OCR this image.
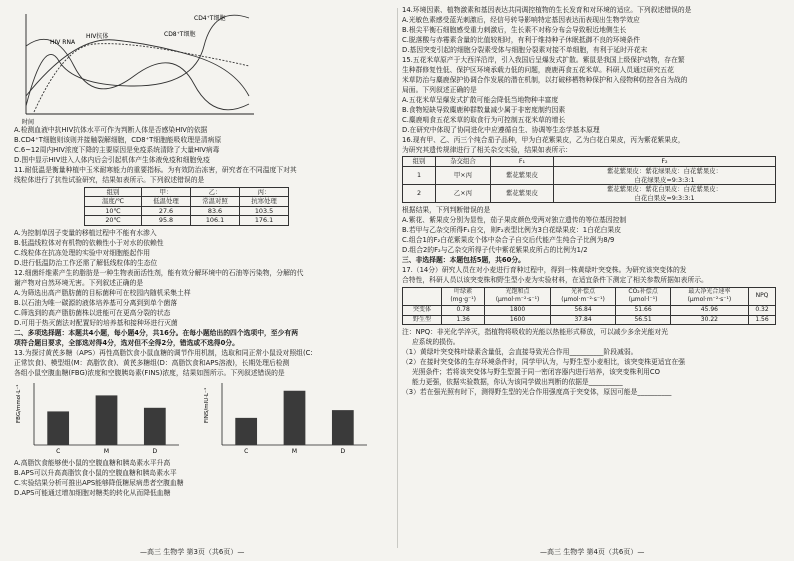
CD4⁺T细胞
HIV RNA
HIV抗体	CD8⁺T细胞
时间
A.检测血液中抗HIV抗体水平可作为判断人体是否感染HIV的依据
B.CD4⁺T细胞则该则并接触裂解细胞，CD8⁺T细胞能吸收理是清病原
C.6~12周内HIV浓度下降的主要原因是免疫系统清除了大量HIV病毒
D.图中显示HIV进入人体内后会引起机体产生体液免疫和细胞免疫
11.耐低温是衡量种植中玉米耐寒能力的重要指标。为有效防治冻害，研究者在不同温度下对其
线粒体进行了抗性试验研究，结果如表所示。下列叙述错误的是
组别	甲：	乙：	丙：
温度/℃	低温处理	常温对照	抗寒处理
10℃	27.6	83.6	103.5
20℃	95.8	106.1	176.1
A.为控制单因子变量的移植过程中不能有水渗入
B.低温线粒体对有机物的依赖性小于对水的依赖性
C.线粒体在抗冻处理的实验中对细胞能起作用
D.进行低温防治工作还需了解低线粒体的生态位
12.细菌纤维素产生的脂肪是一种生物表面活性剂，能有效分解环境中的石油等污染物，分解的代
谢产物对自然环境无害。下列叙述正确的是
A.为筛选出高产脂肪菌的目标菌种可在校园内随机采集土样
B.以石油为唯一碳源的液体培养基可分离到到单个菌落
C.筛选到的高产脂肪菌株以进能可在更高分裂的状态
D.可用于热灭菌法对配置好的培养基和接种环进行灭菌
二、多项选择题：本题共4小题，每小题4分，共16分。在每小题给出的四个选项中，至少有两
项符合题目要求，全部选对得4分，选对但不全得2分，错选或不选得0分。
13.为探讨黄芪多糖（APS）再性高脂饮食小鼠血糖的调节作用机制，选取和同正常小鼠设对照组(C:
正常饮食)、模型组(M：高脂饮食)、黄芪多糖组(D：高脂饮食和APS溶液)，长期处理后检测
各组小鼠空腹血糖(FBG)浓度和空腹胰岛素(FINS)浓度，结果如图所示。下列叙述错误的是
FBG/mmol·L⁻¹
C	M	D
FINS/mIU·L⁻¹
C	M	D
A.高脂饮食能够使小鼠的空腹血糖和胰岛素水平升高
B.APS可以升高高脂饮食小鼠的空腹血糖和胰岛素水平
C.实验结果分析可推出APS能够降低糖尿病患者空腹血糖
D.APS可能通过增加细胞对糖类的转化从而降低血糖
—高三 生物学 第3页（共6页）—
14.环境因素、植物激素和基因表达共同调控植物的生长发育和对环境的适应。下列叙述错误的是
A.光敏色素感受蓝光刺激后，经信号转导影响特定基因表达而表现出生物学效应
B.根尖平衡石细胞感受重力刺激后，生长素不对称分布会导致根近地侧生长
C.脱落酸与赤霉素含量的比值较相时，有利于维持种子休眠抵御不良的环境条件
D.基因突变引起的细胞分裂素受体与细胞分裂素对接不单细胞，有利于延时开花末
15.五花米草原产于大西洋沿岸，引入我国后呈爆发式扩散。紫鼠是我国上级保护动物，存在繁
生种群修复性低、保护区环境承载力低的问题，鹿鹿再食五花米草。科研人员通过研究五花
米草防治与麋鹿保护协调合作发展的潜在机制，以打破移栖物种保护和入侵物种防控各自为战的
局面。下列叙述正确的是
A.五花米草呈爆发式扩散可能会降低当地物种丰富度
B.食物短缺导致麋鹿种群数量减少属于非密度制约因素
C.麋鹿啃食五花米草的取食行为可控制五花米草的增长
D.在研究中体现了协同进化中应遵循自生、协调等生态学基本原理
16.现有甲、乙、丙三个纯合茄子品种，甲为白花紫果皮，乙为白花白果皮，丙为紫花紫果皮，
为研究其遗传规律进行了相关杂交实验，结果如表所示：
组别	杂交组合	F₁	F₂
1	甲×丙	紫花紫果皮	紫花紫果皮：紫花绿果皮：白花紫果皮：
白花绿果皮=9:3:3:1

2	乙×丙	紫花紫果皮	紫花紫果皮：紫花白果皮：白花紫果皮：
白花白果皮=9:3:3:1
根据结果，下列判断错误的是
A.紫花、紫果皮分别为显性，茄子果皮颜色受两对独立遗传的等位基因控制
B.若甲与乙杂交所得F₁自交，则F₂表型比例为3白花绿果皮：1白花白果皮
C.组合1的F₂白花紫果皮个体中杂合子自交后代能产生纯合子比例为8/9
D.组合2的F₂与乙杂交所得子代中紫花紫果皮所占的比例为1/2
三、非选择题：本题包括5题，共60分。
17.（14分）研究人员在对小麦进行育种过程中，得到一株黄绿叶突变株。为研究该突变体的发
合特性，科研人员以该突变株和野生型小麦为实验材料，在适宜条件下测定了相关参数所据如表所示。
	叶绿素(mg·g⁻¹)	光饱和点(μmol·m⁻²·s⁻¹)	光补偿点(μmol·m⁻²·s⁻¹)	CO₂补偿点(μmol·l⁻¹)	最大净光合速率(μmol·m⁻²·s⁻¹)	NPQ
突变体	0.78	1800	56.84	51.66	45.96	0.32
野生型	1.36	1600	37.84	56.51	30.22	1.56
注：NPQ：非光化学淬灭，指植物将吸收的光能以热能形式释放，可以减少多余光能对光
应系统的损伤。
（1）黄绿叶突变株叶绿素含量低，会直接导致光合作用__________阶段减弱。
（2）在接时突变体的生存环境条件时，同学甲认为，与野生型小麦相比，该突变株更适宜在强
光照条件；若将该突变体与野生型置于同一密闭容器内进行培养，该突变株利用CO
能力更强，依据实验数据，你认为该同学做出判断的依据是__________
（3）若在强光照有时下，测得野生型的光合作用强度高于突变体，原因可能是__________
—高三 生物学 第4页（共6页）—
